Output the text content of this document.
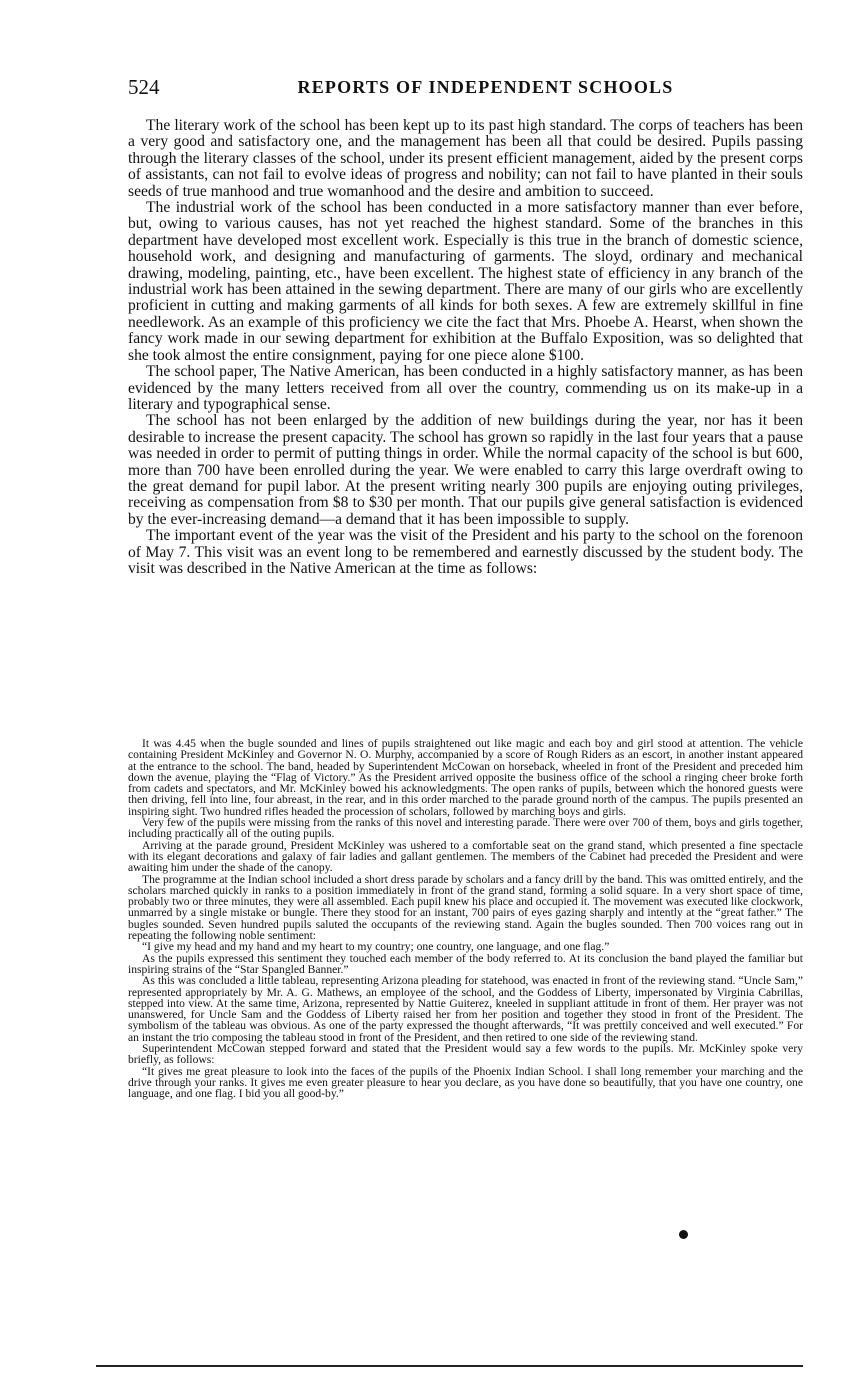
524	REPORTS OF INDEPENDENT SCHOOLS

The literary work of the school has been kept up to its past high standard. The corps of teachers has been a very good and satisfactory one, and the management has been all that could be desired. Pupils passing through the literary classes of the school, under its present efficient management, aided by the present corps of assistants, can not fail to evolve ideas of progress and nobility; can not fail to have planted in their souls seeds of true manhood and true womanhood and the desire and ambition to succeed.

The industrial work of the school has been conducted in a more satisfactory manner than ever before, but, owing to various causes, has not yet reached the highest standard. Some of the branches in this department have developed most excellent work. Especially is this true in the branch of domestic science, household work, and designing and manufacturing of garments. The sloyd, ordinary and mechanical drawing, modeling, painting, etc., have been excellent. The highest state of efficiency in any branch of the industrial work has been attained in the sewing department. There are many of our girls who are excellently proficient in cutting and making garments of all kinds for both sexes. A few are extremely skillful in fine needlework. As an example of this proficiency we cite the fact that Mrs. Phoebe A. Hearst, when shown the fancy work made in our sewing department for exhibition at the Buffalo Exposition, was so delighted that she took almost the entire consignment, paying for one piece alone $100.

The school paper, The Native American, has been conducted in a highly satisfactory manner, as has been evidenced by the many letters received from all over the country, commending us on its make-up in a literary and typographical sense.

The school has not been enlarged by the addition of new buildings during the year, nor has it been desirable to increase the present capacity. The school has grown so rapidly in the last four years that a pause was needed in order to permit of putting things in order. While the normal capacity of the school is but 600, more than 700 have been enrolled during the year. We were enabled to carry this large overdraft owing to the great demand for pupil labor. At the present writing nearly 300 pupils are enjoying outing privileges, receiving as compensation from $8 to $30 per month. That our pupils give general satisfaction is evidenced by the ever-increasing demand—a demand that it has been impossible to supply.

The important event of the year was the visit of the President and his party to the school on the forenoon of May 7. This visit was an event long to be remembered and earnestly discussed by the student body. The visit was described in the Native American at the time as follows:

It was 4.45 when the bugle sounded and lines of pupils straightened out like magic and each boy and girl stood at attention. The vehicle containing President McKinley and Governor N. O. Murphy, accompanied by a score of Rough Riders as an escort, in another instant appeared at the entrance to the school. The band, headed by Superintendent McCowan on horseback, wheeled in front of the President and preceded him down the avenue, playing the “Flag of Victory.” As the President arrived opposite the business office of the school a ringing cheer broke forth from cadets and spectators, and Mr. McKinley bowed his acknowledgments. The open ranks of pupils, between which the honored guests were then driving, fell into line, four abreast, in the rear, and in this order marched to the parade ground north of the campus. The pupils presented an inspiring sight. Two hundred rifles headed the procession of scholars, followed by marching boys and girls.

Very few of the pupils were missing from the ranks of this novel and interesting parade. There were over 700 of them, boys and girls together, including practically all of the outing pupils.

Arriving at the parade ground, President McKinley was ushered to a comfortable seat on the grand stand, which presented a fine spectacle with its elegant decorations and galaxy of fair ladies and gallant gentlemen. The members of the Cabinet had preceded the President and were awaiting him under the shade of the canopy.

The programme at the Indian school included a short dress parade by scholars and a fancy drill by the band. This was omitted entirely, and the scholars marched quickly in ranks to a position immediately in front of the grand stand, forming a solid square. In a very short space of time, probably two or three minutes, they were all assembled. Each pupil knew his place and occupied it. The movement was executed like clockwork, unmarred by a single mistake or bungle. There they stood for an instant, 700 pairs of eyes gazing sharply and intently at the “great father.” The bugles sounded. Seven hundred pupils saluted the occupants of the reviewing stand. Again the bugles sounded. Then 700 voices rang out in repeating the following noble sentiment:

“I give my head and my hand and my heart to my country; one country, one language, and one flag.”

As the pupils expressed this sentiment they touched each member of the body referred to. At its conclusion the band played the familiar but inspiring strains of the “Star Spangled Banner.”

As this was concluded a little tableau, representing Arizona pleading for statehood, was enacted in front of the reviewing stand. “Uncle Sam,” represented appropriately by Mr. A. G. Mathews, an employee of the school, and the Goddess of Liberty, impersonated by Virginia Cabrillas, stepped into view. At the same time, Arizona, represented by Nattie Guiterez, kneeled in suppliant attitude in front of them. Her prayer was not unanswered, for Uncle Sam and the Goddess of Liberty raised her from her position and together they stood in front of the President. The symbolism of the tableau was obvious. As one of the party expressed the thought afterwards, “It was prettily conceived and well executed.” For an instant the trio composing the tableau stood in front of the President, and then retired to one side of the reviewing stand.

Superintendent McCowan stepped forward and stated that the President would say a few words to the pupils. Mr. McKinley spoke very briefly, as follows:

“It gives me great pleasure to look into the faces of the pupils of the Phoenix Indian School. I shall long remember your marching and the drive through your ranks. It gives me even greater pleasure to hear you declare, as you have done so beautifully, that you have one country, one language, and one flag. I bid you all good-by.”
